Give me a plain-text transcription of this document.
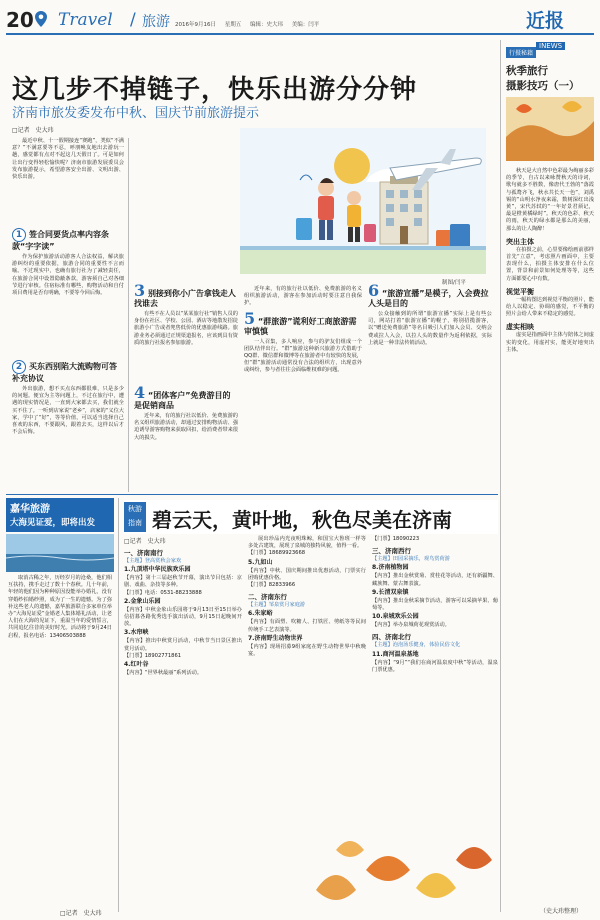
20 Travel / 旅游 2016年9月16日 星期五 编辑：史大玮 美编：闫平	近报
INEWS
这几步不掉链子，快乐出游分分钟
济南市旅发委发布中秋、国庆节前旅游提示
□记者　史大玮
最近中秋、十一假期接连“赛跑”，类似“不满意？”不满意要等不忍，呼朋唤友地出去游玩一趟，感觉都有点对不起这几天假日了。可是如何让出行变得轻松愉快呢？济南市旅游发展委员会发布旅游提示，希望游客安全出游、文明出游、快乐出游。
1 签合同要货点率内容条款“字字读”
作为保护旅游活动游客人合法权益，解决旅游纠纷的重要依据，旅游合同的重要性不言而喻。不过现实中，也确有旅行社为了减轻责任，在旅游合同中设置隐蔽条款，游客须自己对各细节进行审核。住宿标准有哪些，购物活动和自付项目费用是否有明确，不要等今回后悔。
2 买东西别陷大流购物可答补充协议
外出旅游，想不买点东西都很难，只是多少的问题。便宜为主等问题上，不过在旅行中，遭遇的现实情况是，一直到大家都去买，我们就全买不住了。一听到店家说“老乡”，店家的“义位大家，学中了“好”，等等价值，可以适当选择自己喜欢的东西，不要跟风，跟着去买，这样以后才不会后悔。
制图/闫平
3 别接到你小广告拿钱走人找谁去
有些不在人员以“某某旅行社”销售人员的身份在社区、学校、公园、酒店等地散发招徒旅游小广告或者兜售低价的优惠旅游线路。旅游业务必须通过正规渠道报名，应该到具有资质的旅行社报名参加旅游。
4 “团体客户”免费游目的是促销商品
近年来，有的旅行社以低价、免费旅游的名义组织旅游活动，却通过安排购物活动、强迫诱导游客购物来获取回扣，给消费者带来很大的损失。
近年来，有的旅行社以低价、免费旅游的名义组织旅游活动，游客在参加活动时要注意自我保护。
5 “群旅游”谎利好工商旅游需审慎慎
一人召集，多人响应，参与的驴友们组成一个团队结伴出行。“群”旅游这种新兴旅游方式借助于QQ群、微信群和微博等在旅游者中有较快的发展，但“群”旅游活动通常没有合法的组织方，出现意外或纠纷，参与者往往会面临维权难的问题。
6 “旅游宣播”是模子，入会费拉人头是目的
公众接触到的所谓“旅游宣播”实际上是有些公司，网站打着“旅游宣播”的幌子，将别招揽游客，以“赠送免费旅游”等名目吸引人们加入会员、交纳会费或拉人入会，以拉人头的数量作为返利依据，实际上就是一种非法传销活动。
嘉华旅游
大海见证爱，即将出发
取消古稀之年，历经岁月的沧桑，他们相互扶持，携手走过了数十个春秋。几十年前，年轻的他们因为种种原因没能举办婚礼，没有穿婚纱拍婚纱照，成为了一生的遗憾。为了弥补这些老人的遗憾，嘉华旅游联合多家单位举办“大海见证爱”金婚老人集体婚礼活动，让老人们在大海的见证下，重温当年的爱情誓言，共同追忆往昔的美好时光。活动将于9月24日启程，报名电话：13406503888
□记者　史大玮
秋游
指南 碧云天，黄叶地，秋色尽美在济南
□记者　史大玮
一、济南南行
【主题】登高赏秋会家欢
1.九顶塔中华民族欢乐园
【内容】第十三届赵秋节开幕，演出节目包括：京剧、戏曲、杂技等多种。
【门票】电话：0531-88233888
2.金象山乐园
【内容】中秋金象山乐园将于9月13日至15日举办信招募各路优秀选手演出活动，9月15日起晚间开放。
3.水帘峡
【内容】推出中秋赏月活动，中秋节当日景区推出赏月活动。
【门票】18902771861
4.红叶谷
【内容】“世界秋最丽”系列活动。
展出珍品内光夜明珠鲸，和国宝大鲁班一样等多处古建筑，展现了泉城的独特风貌，值得一看。
【门票】18689923668
5.九如山
【内容】中秋、国庆期间推出优惠活动，门票实行团购优惠价格。
【门票】82833966
二、济南东行
【主题】邹泉赏月家庭游
6.朱家峪
【内容】有面塑、吹糖人、打铁匠、剪纸等等民间传统手工艺表演等。
7.济南野生动物世界
【内容】现场招募9组家庭在野生动物世界中秋晚宴。
【门票】18090223
三、济南西行
【主题】田园采摘乐，观鸟赏荷游
8.济南植物园
【内容】推出金秋赏菊、赏桂花等活动，还有新疆舞、藏族舞、蒙古舞表演。
9.长清双泉镇
【内容】推出金秋采摘节活动，游客可以采摘苹果、葡萄等。
10.泉城欢乐公园
【内容】举办泉城荷花观赏活动。
四、济南北行
【主题】泡泡汤乐健身，体验民俗文化
11.商河温泉基地
【内容】“9月”“我们在商河温泉度中秋”等活动，温泉门票优惠。
行摄秘籍
秋季旅行
摄影技巧（一）
秋天是大自然中色彩最为绚丽多彩的季节，自古以来咏赞秋天的诗词，歌句就多不胜数，像唐代王勃的“落霞与孤鹜齐飞，秋水共长天一色”，刘禹锡的“山明水净夜来霜，数树深红出浅黄”，宋代苏轼的“一年好景君须记，最是橙黄橘绿时”。秋天的色彩、秋天的雨，秋天的绿水都是那么的美丽，那么的让人陶醉！
突出主体
在拍摄之前，心里要像绘画前那样首先“立意”，考虑照片画面中，主要表现什么，拍摄主体安排在什么位置，背景和前景如何处理等等，这些方面都要心中有数。
视觉平衡
一幅构图达到视觉平衡的照片，能给人以稳定、协调的感觉，不平衡的照片会给人带来不稳定的感觉。
虚实相映
虚实是指画面中主体与陪体之间虚实的变化，用虚衬实，能更好地突出主体。
（史大玮整理）
